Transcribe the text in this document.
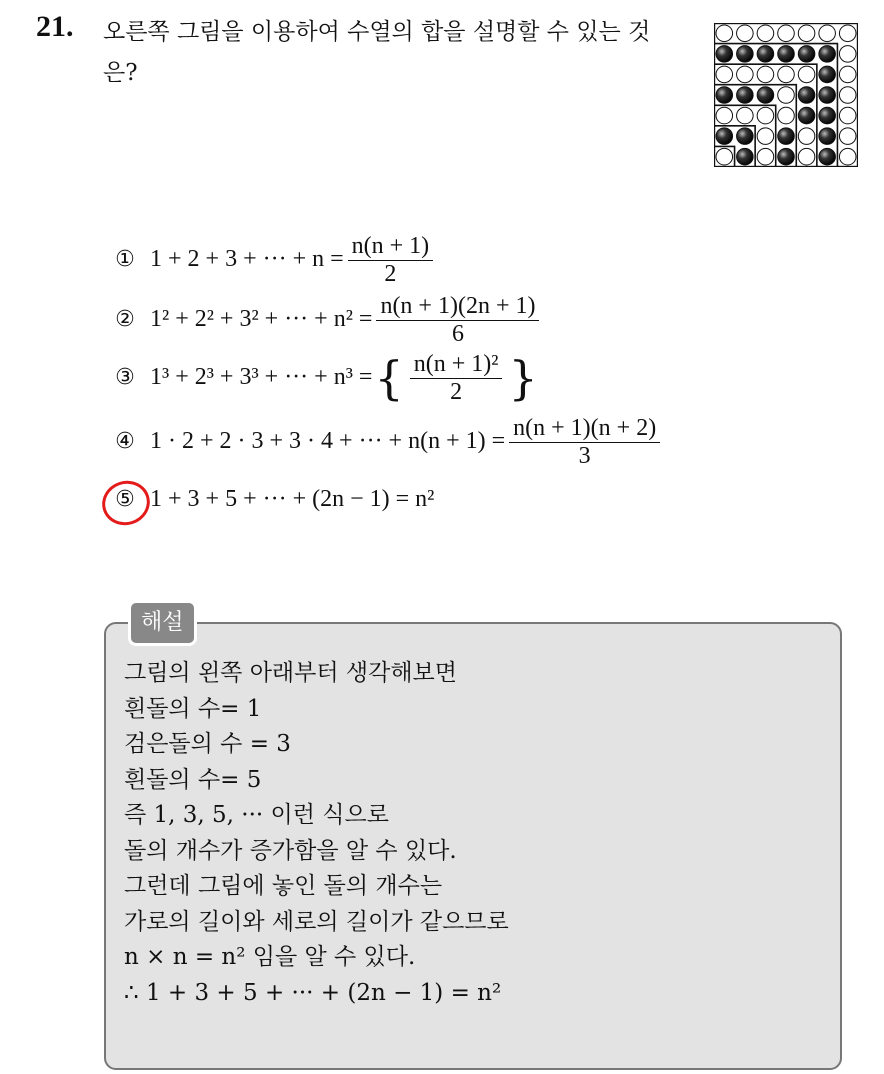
21. 오른쪽 그림을 이용하여 수열의 합을 설명할 수 있는 것은?
① 1 + 2 + 3 + ··· + $n = \frac{n(n + 1)}{2}$
② 1² + 2² + 3² + ··· + $n^2 = \frac{n(n + 1)(2n + 1)}{6}$
③ 1³ + 2³ + 3³ + ··· + n³ = { $\frac{\text{n(n + 1)²}}{2}$ }
④ 1 · 2 + 2 · 3 + 3 · 4 + ··· + $n(n + 1) = \frac{n(n + 1)(n + 2)}{3}$
⑤ 1 + 3 + 5 + ··· + (2n − 1) = n²
해설
그림의 왼쪽 아래부터 생각해보면
흰돌의 수= 1
검은돌의 수 = 3
흰돌의 수= 5
즉 1, 3, 5, ··· 이런 식으로
돌의 개수가 증가함을 알 수 있다.
그런데 그림에 놓인 돌의 개수는
가로의 길이와 세로의 길이가 같으므로
n × n = n² 임을 알 수 있다.
∴ 1 + 3 + 5 + ··· + (2n − 1) = n²
